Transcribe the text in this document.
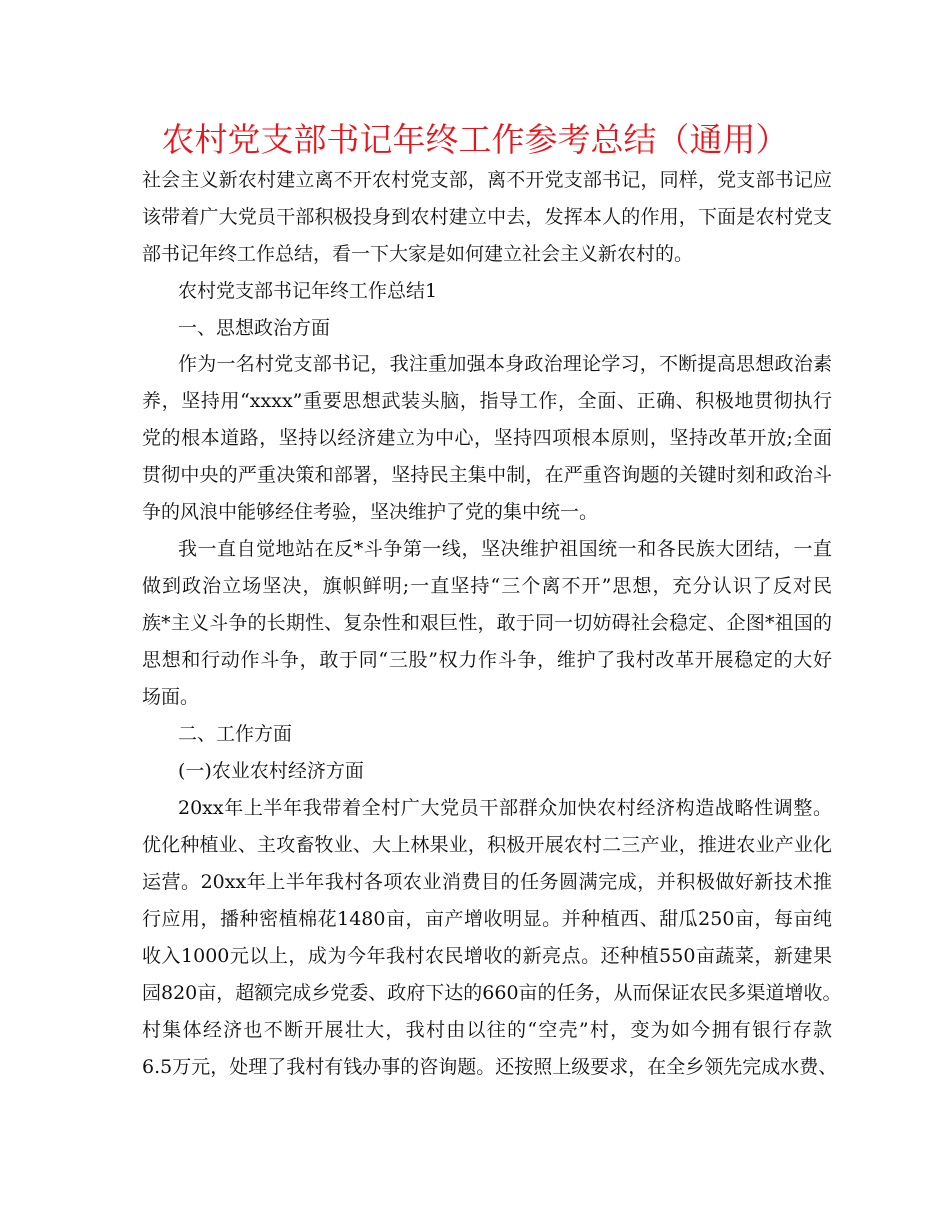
农村党支部书记年终工作参考总结（通用）
社会主义新农村建立离不开农村党支部，离不开党支部书记，同样，党支部书记应
该带着广大党员干部积极投身到农村建立中去，发挥本人的作用，下面是农村党支
部书记年终工作总结，看一下大家是如何建立社会主义新农村的。
农村党支部书记年终工作总结1
一、思想政治方面
作为一名村党支部书记，我注重加强本身政治理论学习，不断提高思想政治素
养，坚持用“xxxx”重要思想武装头脑，指导工作，全面、正确、积极地贯彻执行
党的根本道路，坚持以经济建立为中心，坚持四项根本原则，坚持改革开放;全面
贯彻中央的严重决策和部署，坚持民主集中制，在严重咨询题的关键时刻和政治斗
争的风浪中能够经住考验，坚决维护了党的集中统一。
我一直自觉地站在反*斗争第一线，坚决维护祖国统一和各民族大团结，一直
做到政治立场坚决，旗帜鲜明;一直坚持“三个离不开”思想，充分认识了反对民
族*主义斗争的长期性、复杂性和艰巨性，敢于同一切妨碍社会稳定、企图*祖国的
思想和行动作斗争，敢于同“三股”权力作斗争，维护了我村改革开展稳定的大好
场面。
二、工作方面
(一)农业农村经济方面
20xx年上半年我带着全村广大党员干部群众加快农村经济构造战略性调整。
优化种植业、主攻畜牧业、大上林果业，积极开展农村二三产业，推进农业产业化
运营。20xx年上半年我村各项农业消费目的任务圆满完成，并积极做好新技术推
行应用，播种密植棉花1480亩，亩产增收明显。并种植西、甜瓜250亩，每亩纯
收入1000元以上，成为今年我村农民增收的新亮点。还种植550亩蔬菜，新建果
园820亩，超额完成乡党委、政府下达的660亩的任务，从而保证农民多渠道增收。
村集体经济也不断开展壮大，我村由以往的“空壳”村，变为如今拥有银行存款
6.5万元，处理了我村有钱办事的咨询题。还按照上级要求，在全乡领先完成水费、
